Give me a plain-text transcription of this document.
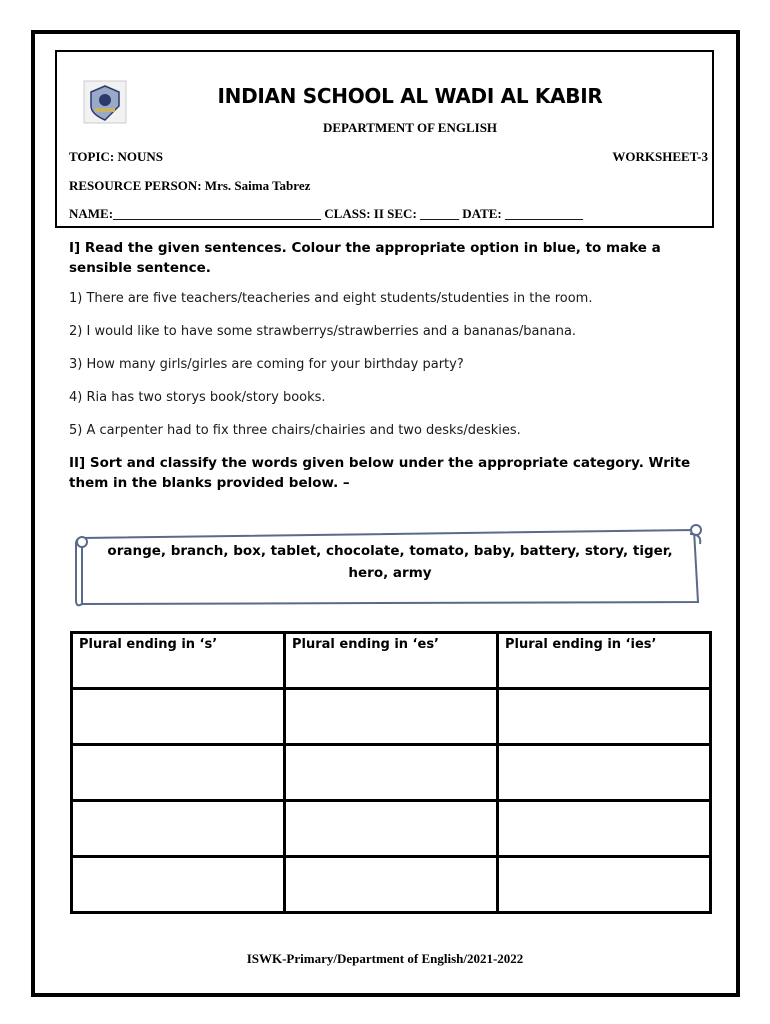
INDIAN SCHOOL AL WADI AL KABIR
DEPARTMENT OF ENGLISH
TOPIC: NOUNS	WORKSHEET-3
RESOURCE PERSON: Mrs. Saima Tabrez
NAME:________________________________ CLASS: II SEC: ______ DATE: ____________
I] Read the given sentences. Colour the appropriate option in blue, to make a sensible sentence.
1) There are five teachers/teacheries and eight students/studenties in the room.
2) I would like to have some strawberrys/strawberries and a bananas/banana.
3) How many girls/girles are coming for your birthday party?
4) Ria has two storys book/story books.
5) A carpenter had to fix three chairs/chairies and two desks/deskies.
II] Sort and classify the words given below under the appropriate category. Write them in the blanks provided below. –
orange, branch, box, tablet, chocolate, tomato, baby, battery, story, tiger, hero, army
Plural ending in ‘s’	Plural ending in ‘es’	Plural ending in ‘ies’

ISWK-Primary/Department of English/2021-2022
